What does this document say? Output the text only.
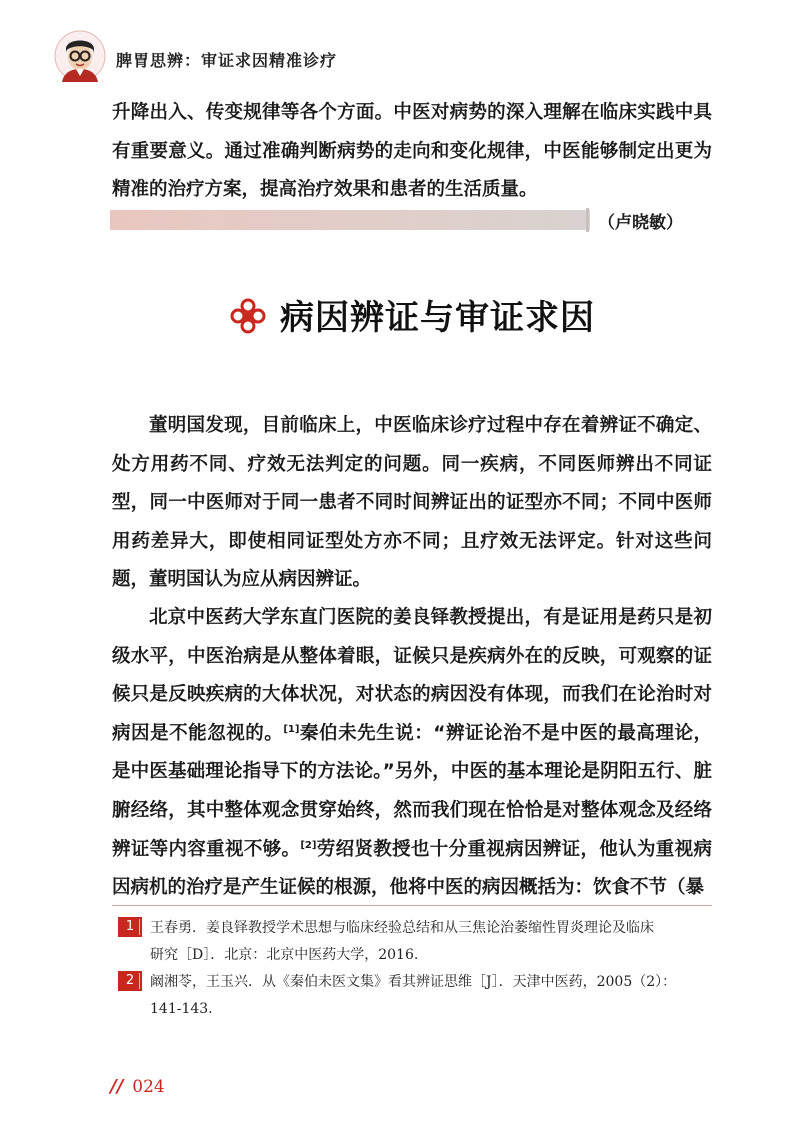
脾胃思辨：审证求因精准诊疗

升降出入、传变规律等各个方面。中医对病势的深入理解在临床实践中具有重要意义。通过准确判断病势的走向和变化规律，中医能够制定出更为精准的治疗方案，提高治疗效果和患者的生活质量。

（卢晓敏）
病因辨证与审证求因

董明国发现，目前临床上，中医临床诊疗过程中存在着辨证不确定、处方用药不同、疗效无法判定的问题。同一疾病，不同医师辨出不同证型，同一中医师对于同一患者不同时间辨证出的证型亦不同；不同中医师用药差异大，即使相同证型处方亦不同；且疗效无法评定。针对这些问题，董明国认为应从病因辨证。

北京中医药大学东直门医院的姜良铎教授提出，有是证用是药只是初级水平，中医治病是从整体着眼，证候只是疾病外在的反映，可观察的证候只是反映疾病的大体状况，对状态的病因没有体现，而我们在论治时对病因是不能忽视的。[1]秦伯未先生说：“辨证论治不是中医的最高理论，是中医基础理论指导下的方法论。”另外，中医的基本理论是阴阳五行、脏腑经络，其中整体观念贯穿始终，然而我们现在恰恰是对整体观念及经络辨证等内容重视不够。[2]劳绍贤教授也十分重视病因辨证，他认为重视病因病机的治疗是产生证候的根源，他将中医的病因概括为：饮食不节（暴

1	王春勇．姜良铎教授学术思想与临床经验总结和从三焦论治萎缩性胃炎理论及临床
研究［D］．北京：北京中医药大学，2016.
2	阚湘苓，王玉兴．从《秦伯未医文集》看其辨证思维［J］．天津中医药，2005（2）：
141-143.
// 024
